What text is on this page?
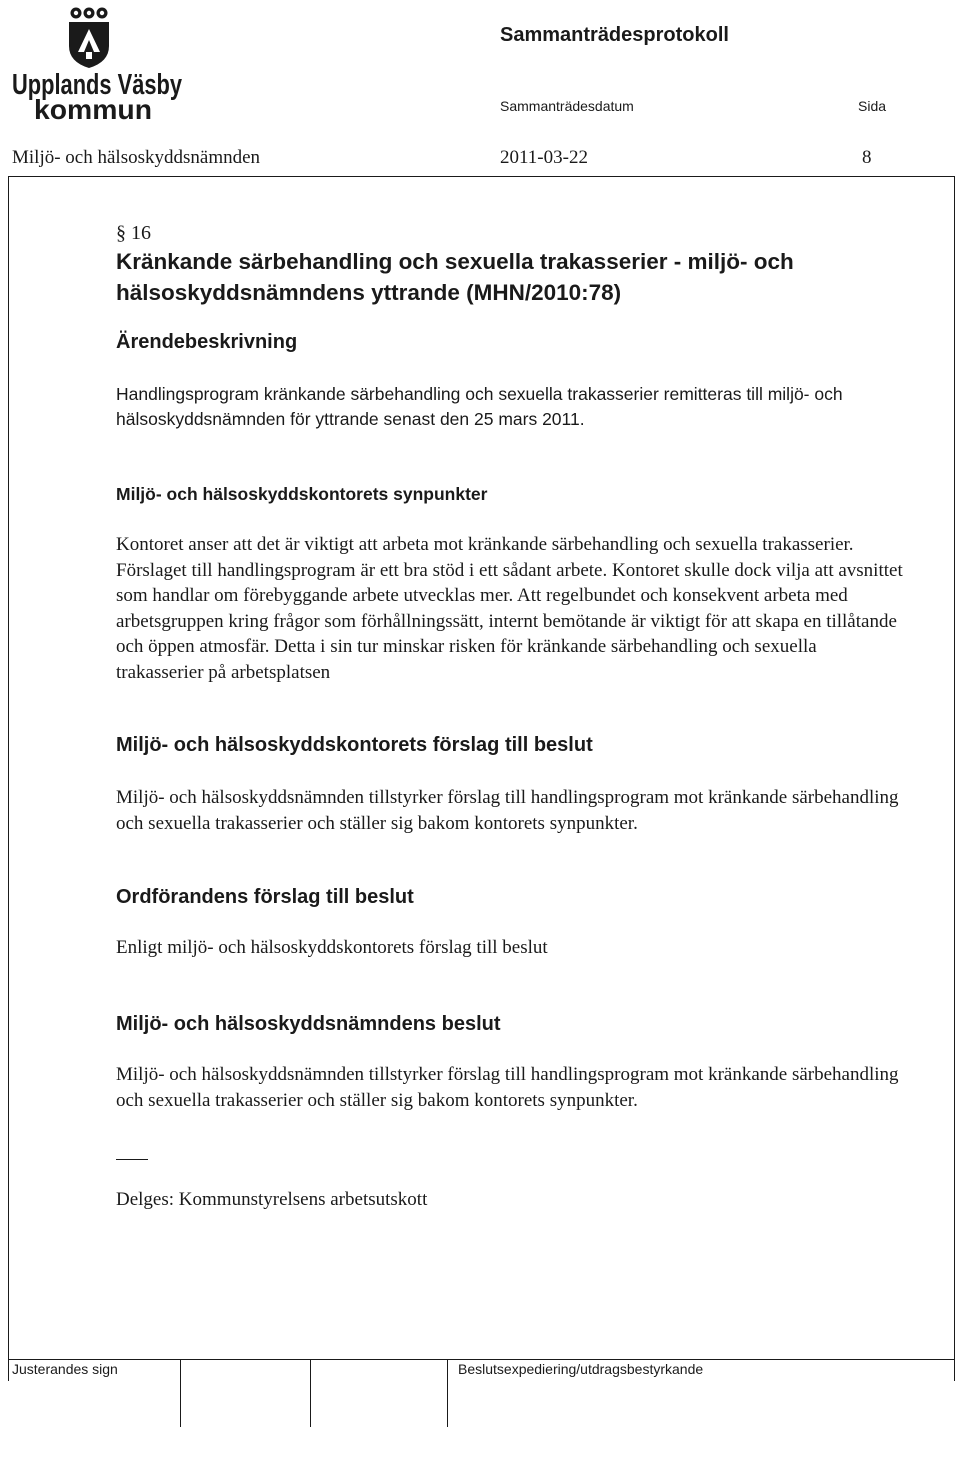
Upplands Väsby
kommun
Sammanträdesprotokoll
Sammanträdesdatum	Sida
Miljö- och hälsoskyddsnämnden	2011-03-22	8
§ 16
Kränkande särbehandling och sexuella trakasserier - miljö- och hälsoskyddsnämndens yttrande (MHN/2010:78)
Ärendebeskrivning
Handlingsprogram kränkande särbehandling och sexuella trakasserier remitteras till miljö- och hälsoskyddsnämnden för yttrande senast den 25 mars 2011.
Miljö- och hälsoskyddskontorets synpunkter
Kontoret anser att det är viktigt att arbeta mot kränkande särbehandling och sexuella trakasserier. Förslaget till handlingsprogram är ett bra stöd i ett sådant arbete. Kontoret skulle dock vilja att avsnittet som handlar om förebyggande arbete utvecklas mer. Att regelbundet och konsekvent arbeta med arbetsgruppen kring frågor som förhållningssätt, internt bemötande är viktigt för att skapa en tillåtande och öppen atmosfär. Detta i sin tur minskar risken för kränkande särbehandling och sexuella trakasserier på arbetsplatsen
Miljö- och hälsoskyddskontorets förslag till beslut
Miljö- och hälsoskyddsnämnden tillstyrker förslag till handlingsprogram mot kränkande särbehandling och sexuella trakasserier och ställer sig bakom kontorets synpunkter.
Ordförandens förslag till beslut
Enligt miljö- och hälsoskyddskontorets förslag till beslut
Miljö- och hälsoskyddsnämndens beslut
Miljö- och hälsoskyddsnämnden tillstyrker förslag till handlingsprogram mot kränkande särbehandling och sexuella trakasserier och ställer sig bakom kontorets synpunkter.
Delges: Kommunstyrelsens arbetsutskott
Justerandes sign	Beslutsexpediering/utdragsbestyrkande
